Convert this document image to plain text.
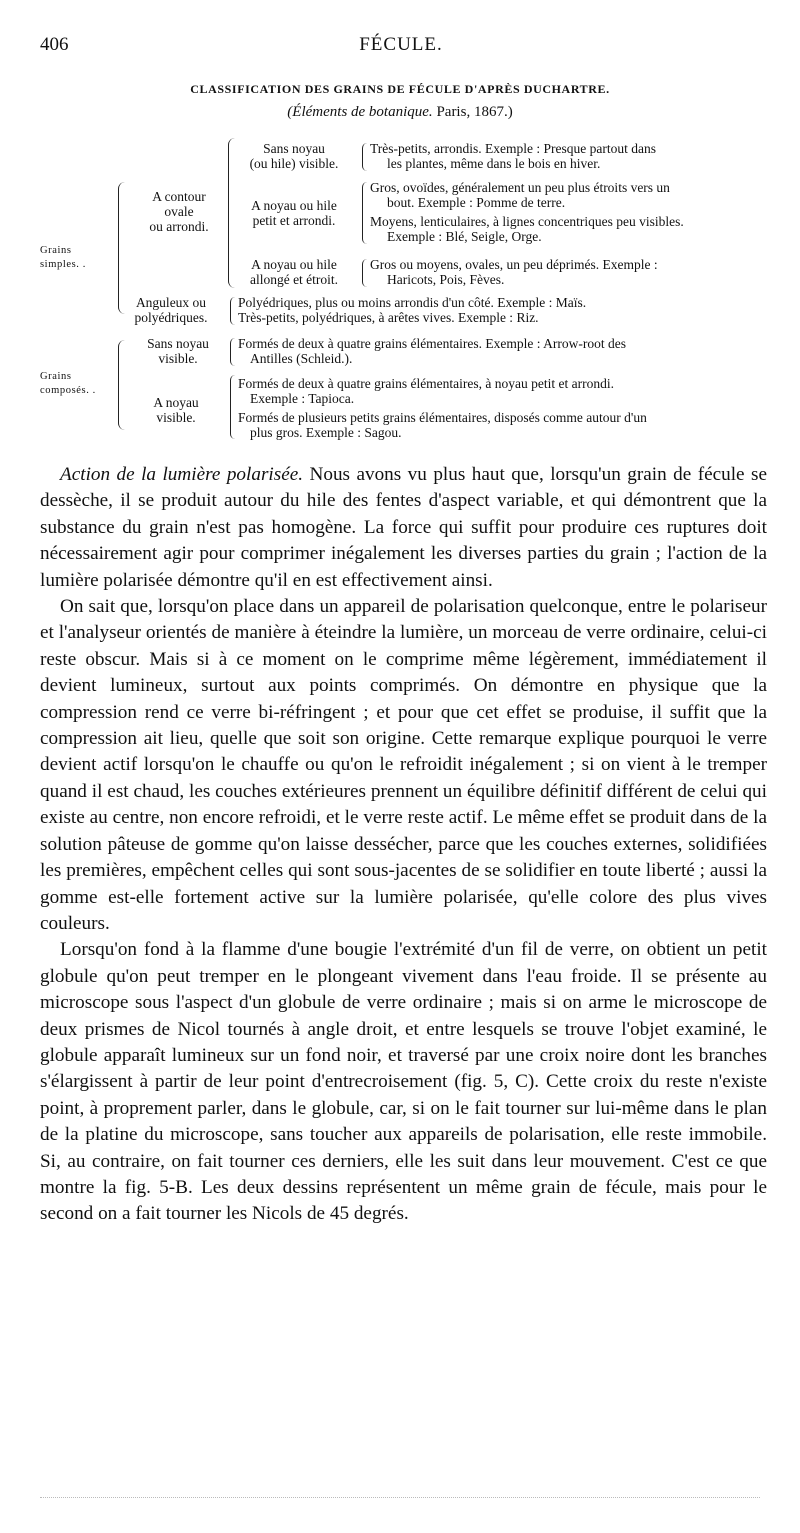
406	FÉCULE.
CLASSIFICATION DES GRAINS DE FÉCULE D'APRÈS DUCHARTRE.
(Éléments de botanique. Paris, 1867.)
Grains
simples. .
Grains
composés. .
A contour
ovale
ou arrondi.
Anguleux ou
polyédriques.
Sans noyau
visible.
A noyau
visible.
Sans noyau
(ou hile) visible.
A noyau ou hile
petit et arrondi.
A noyau ou hile
allongé et étroit.
Très-petits, arrondis. Exemple : Presque partout dans
les plantes, même dans le bois en hiver.
Gros, ovoïdes, généralement un peu plus étroits vers un
bout. Exemple : Pomme de terre.
Moyens, lenticulaires, à lignes concentriques peu visibles.
Exemple : Blé, Seigle, Orge.
Gros ou moyens, ovales, un peu déprimés. Exemple :
Haricots, Pois, Fèves.
Polyédriques, plus ou moins arrondis d'un côté. Exemple : Maïs.
Très-petits, polyédriques, à arêtes vives. Exemple : Riz.
Formés de deux à quatre grains élémentaires. Exemple : Arrow-root des
Antilles (Schleid.).
Formés de deux à quatre grains élémentaires, à noyau petit et arrondi.
Exemple : Tapioca.
Formés de plusieurs petits grains élémentaires, disposés comme autour d'un
plus gros. Exemple : Sagou.

Action de la lumière polarisée. Nous avons vu plus haut que, lorsqu'un grain de fécule se dessèche, il se produit autour du hile des fentes d'aspect variable, et qui démontrent que la substance du grain n'est pas homogène. La force qui suffit pour produire ces ruptures doit nécessairement agir pour comprimer inégalement les diverses parties du grain ; l'action de la lumière polarisée démontre qu'il en est effectivement ainsi.

On sait que, lorsqu'on place dans un appareil de polarisation quelconque, entre le polariseur et l'analyseur orientés de manière à éteindre la lumière, un morceau de verre ordinaire, celui-ci reste obscur. Mais si à ce moment on le comprime même légèrement, immédiatement il devient lumineux, surtout aux points comprimés. On démontre en physique que la compression rend ce verre bi-réfringent ; et pour que cet effet se produise, il suffit que la compression ait lieu, quelle que soit son origine. Cette remarque explique pourquoi le verre devient actif lorsqu'on le chauffe ou qu'on le refroidit inégalement ; si on vient à le tremper quand il est chaud, les couches extérieures prennent un équilibre définitif différent de celui qui existe au centre, non encore refroidi, et le verre reste actif. Le même effet se produit dans de la solution pâteuse de gomme qu'on laisse dessécher, parce que les couches externes, solidifiées les premières, empêchent celles qui sont sous-jacentes de se solidifier en toute liberté ; aussi la gomme est-elle fortement active sur la lumière polarisée, qu'elle colore des plus vives couleurs.

Lorsqu'on fond à la flamme d'une bougie l'extrémité d'un fil de verre, on obtient un petit globule qu'on peut tremper en le plongeant vivement dans l'eau froide. Il se présente au microscope sous l'aspect d'un globule de verre ordinaire ; mais si on arme le microscope de deux prismes de Nicol tournés à angle droit, et entre lesquels se trouve l'objet examiné, le globule apparaît lumineux sur un fond noir, et traversé par une croix noire dont les branches s'élargissent à partir de leur point d'entrecroisement (fig. 5, C). Cette croix du reste n'existe point, à proprement parler, dans le globule, car, si on le fait tourner sur lui-même dans le plan de la platine du microscope, sans toucher aux appareils de polarisation, elle reste immobile. Si, au contraire, on fait tourner ces derniers, elle les suit dans leur mouvement. C'est ce que montre la fig. 5-B. Les deux dessins représentent un même grain de fécule, mais pour le second on a fait tourner les Nicols de 45 degrés.
